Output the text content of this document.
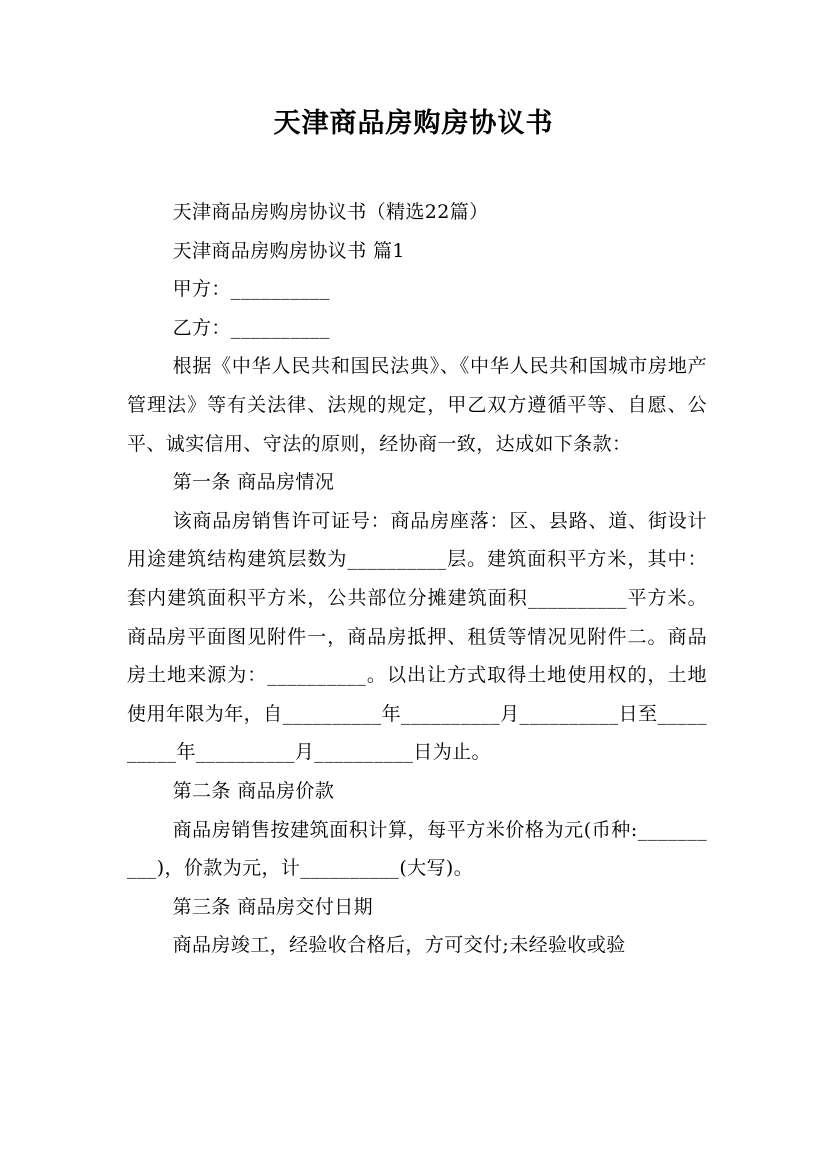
天津商品房购房协议书

天津商品房购房协议书（精选22篇）

天津商品房购房协议书 篇1

甲方：__________

乙方：__________

根据《中华人民共和国民法典》、《中华人民共和国城市房地产管理法》等有关法律、法规的规定，甲乙双方遵循平等、自愿、公平、诚实信用、守法的原则，经协商一致，达成如下条款：

第一条 商品房情况

该商品房销售许可证号：商品房座落：区、县路、道、街设计用途建筑结构建筑层数为__________层。建筑面积平方米，其中：套内建筑面积平方米，公共部位分摊建筑面积__________平方米。商品房平面图见附件一，商品房抵押、租赁等情况见附件二。商品房土地来源为：__________。以出让方式取得土地使用权的，土地使用年限为年，自__________年__________月__________日至__________年__________月__________日为止。

第二条 商品房价款

商品房销售按建筑面积计算，每平方米价格为元(币种:__________)，价款为元，计__________(大写)。

第三条 商品房交付日期

商品房竣工，经验收合格后，方可交付;未经验收或验
